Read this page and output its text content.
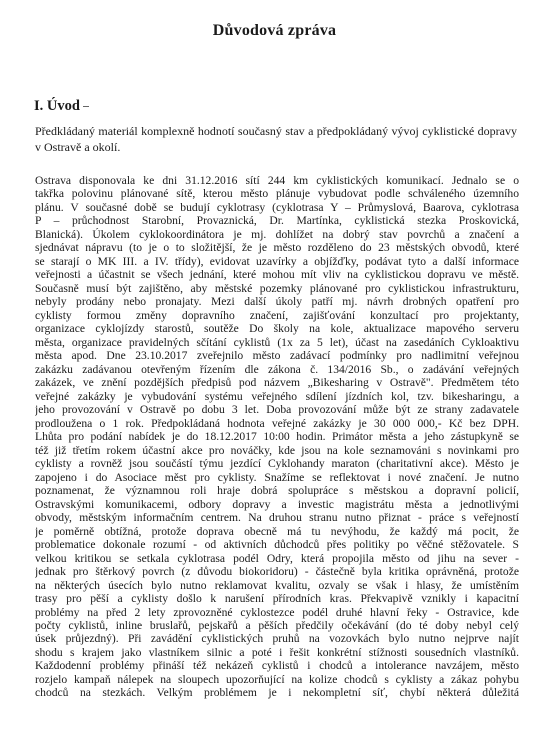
Důvodová zpráva
I. Úvod
Předkládaný materiál komplexně hodnotí současný stav a předpokládaný vývoj cyklistické dopravy v Ostravě a okolí.
Ostrava disponovala ke dni 31.12.2016 sítí 244 km cyklistických komunikací. Jednalo se o
takřka polovinu plánované sítě, kterou město plánuje vybudovat podle schváleného územního
plánu. V současné době se budují cyklotrasy (cyklotrasa Y – Průmyslová, Baarova, cyklotrasa
P – průchodnost Starobní, Provaznická, Dr. Martínka, cyklistická stezka Proskovická,
Blanická). Úkolem cyklokoordinátora je mj. dohlížet na dobrý stav povrchů a značení a
sjednávat nápravu (to je o to složitější, že je město rozděleno do 23 městských obvodů, které
se starají o MK III. a IV. třídy), evidovat uzavírky a objížďky, podávat tyto a další informace
veřejnosti a účastnit se všech jednání, které mohou mít vliv na cyklistickou dopravu ve městě.
Současně musí být zajištěno, aby městské pozemky plánované pro cyklistickou infrastrukturu,
nebyly prodány nebo pronajaty. Mezi další úkoly patří mj. návrh drobných opatření pro
cyklisty formou změny dopravního značení, zajišťování konzultací pro projektanty,
organizace cyklojízdy starostů, soutěže Do školy na kole, aktualizace mapového serveru
města, organizace pravidelných sčítání cyklistů (1x za 5 let), účast na zasedáních Cykloaktivu
města apod. Dne 23.10.2017 zveřejnilo město zadávací podmínky pro nadlimitní veřejnou
zakázku zadávanou otevřeným řízením dle zákona č. 134/2016 Sb., o zadávání veřejných
zakázek, ve znění pozdějších předpisů pod názvem „Bikesharing v Ostravě". Předmětem této
veřejné zakázky je vybudování systému veřejného sdílení jízdních kol, tzv. bikesharingu, a
jeho provozování v Ostravě po dobu 3 let. Doba provozování může být ze strany zadavatele
prodloužena o 1 rok. Předpokládaná hodnota veřejné zakázky je 30 000 000,- Kč bez DPH.
Lhůta pro podání nabídek je do 18.12.2017 10:00 hodin. Primátor města a jeho zástupkyně se
též již třetím rokem účastní akce pro nováčky, kde jsou na kole seznamováni s novinkami pro
cyklisty a rovněž jsou součástí týmu jezdící Cyklohandy maraton (charitativní akce). Město je
zapojeno i do Asociace měst pro cyklisty. Snažíme se reflektovat i nové značení. Je nutno
poznamenat, že významnou roli hraje dobrá spolupráce s městskou a dopravní policií,
Ostravskými komunikacemi, odbory dopravy a investic magistrátu města a jednotlivými
obvody, městským informačním centrem. Na druhou stranu nutno přiznat - práce s veřejností
je poměrně obtížná, protože doprava obecně má tu nevýhodu, že každý má pocit, že
problematice dokonale rozumí - od aktivních důchodců přes politiky po věčné stěžovatele. S
velkou kritikou se setkala cyklotrasa podél Odry, která propojila město od jihu na sever -
jednak pro štěrkový povrch (z důvodu biokoridoru) - částečně byla kritika oprávněná, protože
na některých úsecích bylo nutno reklamovat kvalitu, ozvaly se však i hlasy, že umístěním
trasy pro pěší a cyklisty došlo k narušení přírodních kras. Překvapivě vznikly i kapacitní
problémy na před 2 lety zprovozněné cyklostezce podél druhé hlavní řeky - Ostravice, kde
počty cyklistů, inline bruslařů, pejskařů a pěších předčily očekávání (do té doby nebyl celý
úsek průjezdný). Při zavádění cyklistických pruhů na vozovkách bylo nutno nejprve najít
shodu s krajem jako vlastníkem silnic a poté i řešit konkrétní stížnosti sousedních vlastníků.
Každodenní problémy přináší též nekázeň cyklistů i chodců a intolerance navzájem, město
rozjelo kampaň nálepek na sloupech upozorňující na kolize chodců s cyklisty a zákaz pohybu
chodců na stezkách. Velkým problémem je i nekompletní síť, chybí některá důležitá
